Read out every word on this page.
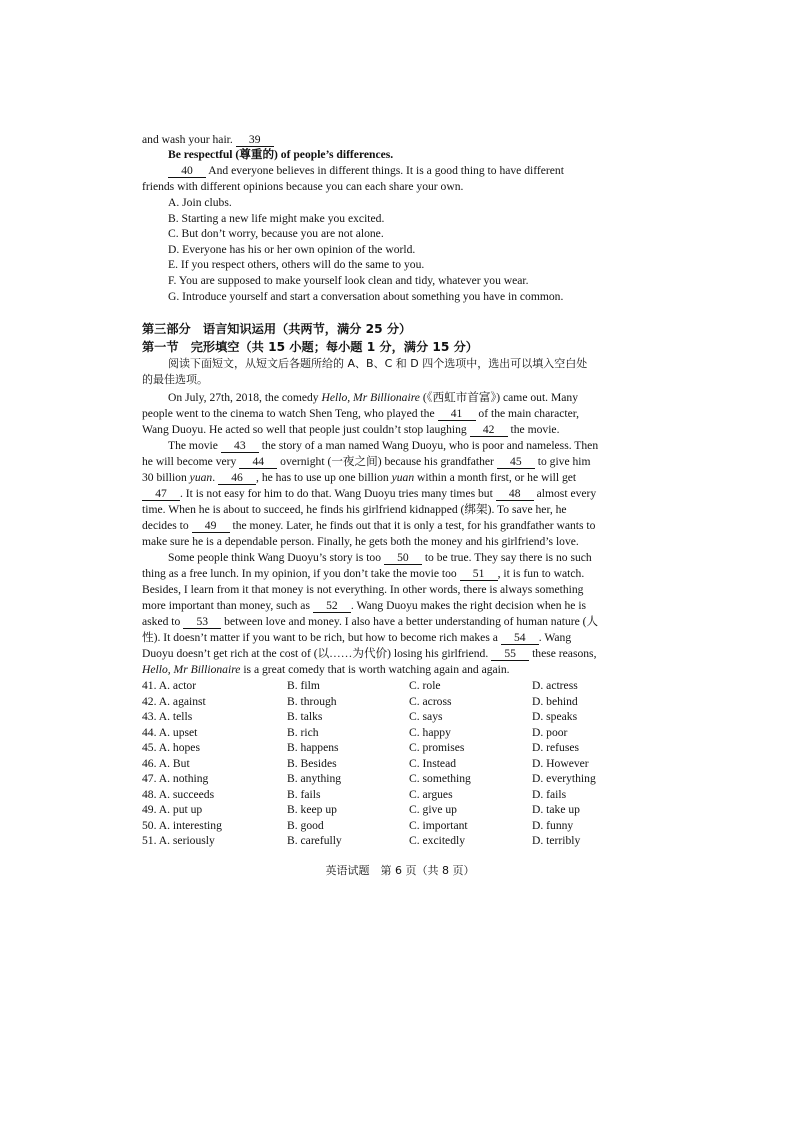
and wash your hair. 39
Be respectful (尊重的) of people’s differences.
40 And everyone believes in different things. It is a good thing to have different
friends with different opinions because you can each share your own.
A. Join clubs.
B. Starting a new life might make you excited.
C. But don’t worry, because you are not alone.
D. Everyone has his or her own opinion of the world.
E. If you respect others, others will do the same to you.
F. You are supposed to make yourself look clean and tidy, whatever you wear.
G. Introduce yourself and start a conversation about something you have in common.
第三部分　语言知识运用（共两节，满分 25 分）
第一节　完形填空（共 15 小题；每小题 1 分，满分 15 分）
阅读下面短文，从短文后各题所给的 A、B、C 和 D 四个选项中，选出可以填入空白处
的最佳选项。
On July, 27th, 2018, the comedy Hello, Mr Billionaire (《西虹市首富》) came out. Many
people went to the cinema to watch Shen Teng, who played the 41 of the main character,
Wang Duoyu. He acted so well that people just couldn’t stop laughing 42 the movie.
The movie 43 the story of a man named Wang Duoyu, who is poor and nameless. Then
he will become very 44 overnight (一夜之间) because his grandfather 45 to give him
30 billion yuan. 46 , he has to use up one billion yuan within a month first, or he will get
47 . It is not easy for him to do that. Wang Duoyu tries many times but 48 almost every
time. When he is about to succeed, he finds his girlfriend kidnapped (绑架). To save her, he
decides to 49 the money. Later, he finds out that it is only a test, for his grandfather wants to
make sure he is a dependable person. Finally, he gets both the money and his girlfriend’s love.
Some people think Wang Duoyu’s story is too 50 to be true. They say there is no such
thing as a free lunch. In my opinion, if you don’t take the movie too 51 , it is fun to watch.
Besides, I learn from it that money is not everything. In other words, there is always something
more important than money, such as 52 . Wang Duoyu makes the right decision when he is
asked to 53 between love and money. I also have a better understanding of human nature (人
性). It doesn’t matter if you want to be rich, but how to become rich makes a 54 . Wang
Duoyu doesn’t get rich at the cost of (以……为代价) losing his girlfriend. 55 these reasons,
Hello, Mr Billionaire is a great comedy that is worth watching again and again.
41. A. actor	B. film	C. role	D. actress
42. A. against	B. through	C. across	D. behind
43. A. tells	B. talks	C. says	D. speaks
44. A. upset	B. rich	C. happy	D. poor
45. A. hopes	B. happens	C. promises	D. refuses
46. A. But	B. Besides	C. Instead	D. However
47. A. nothing	B. anything	C. something	D. everything
48. A. succeeds	B. fails	C. argues	D. fails
49. A. put up	B. keep up	C. give up	D. take up
50. A. interesting	B. good	C. important	D. funny
51. A. seriously	B. carefully	C. excitedly	D. terribly
英语试题　第 6 页（共 8 页）
